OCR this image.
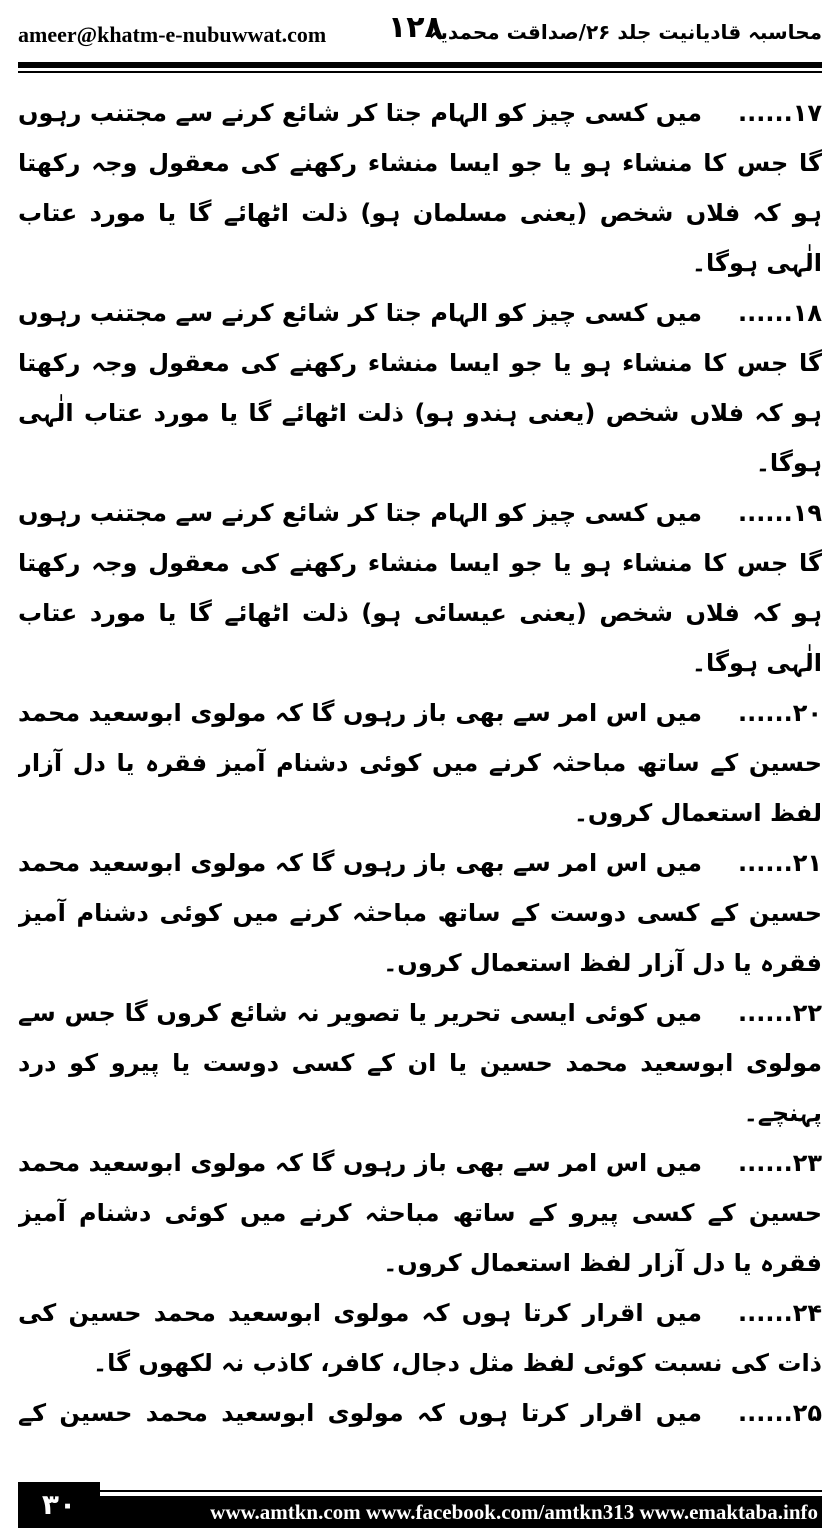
ameer@khatm-e-nubuwwat.com ۱۲۸
محاسبہ قادیانیت جلد ۲۶/صداقت محمدیہ

۱۷......میں کسی چیز کو الہام جتا کر شائع کرنے سے مجتنب رہوں گا جس کا منشاء ہو یا جو ایسا منشاء رکھنے کی معقول وجہ رکھتا ہو کہ فلاں شخص (یعنی مسلمان ہو) ذلت اٹھائے گا یا مورد عتاب الٰہی ہوگا۔

۱۸......میں کسی چیز کو الہام جتا کر شائع کرنے سے مجتنب رہوں گا جس کا منشاء ہو یا جو ایسا منشاء رکھنے کی معقول وجہ رکھتا ہو کہ فلاں شخص (یعنی ہندو ہو) ذلت اٹھائے گا یا مورد عتاب الٰہی ہوگا۔

۱۹......میں کسی چیز کو الہام جتا کر شائع کرنے سے مجتنب رہوں گا جس کا منشاء ہو یا جو ایسا منشاء رکھنے کی معقول وجہ رکھتا ہو کہ فلاں شخص (یعنی عیسائی ہو) ذلت اٹھائے گا یا مورد عتاب الٰہی ہوگا۔

۲۰......میں اس امر سے بھی باز رہوں گا کہ مولوی ابوسعید محمد حسین کے ساتھ مباحثہ کرنے میں کوئی دشنام آمیز فقرہ یا دل آزار لفظ استعمال کروں۔

۲۱......میں اس امر سے بھی باز رہوں گا کہ مولوی ابوسعید محمد حسین کے کسی دوست کے ساتھ مباحثہ کرنے میں کوئی دشنام آمیز فقرہ یا دل آزار لفظ استعمال کروں۔

۲۲......میں کوئی ایسی تحریر یا تصویر نہ شائع کروں گا جس سے مولوی ابوسعید محمد حسین یا ان کے کسی دوست یا پیرو کو درد پہنچے۔

۲۳......میں اس امر سے بھی باز رہوں گا کہ مولوی ابوسعید محمد حسین کے کسی پیرو کے ساتھ مباحثہ کرنے میں کوئی دشنام آمیز فقرہ یا دل آزار لفظ استعمال کروں۔

۲۴......میں اقرار کرتا ہوں کہ مولوی ابوسعید محمد حسین کی ذات کی نسبت کوئی لفظ مثل دجال، کافر، کاذب نہ لکھوں گا۔

۲۵......میں اقرار کرتا ہوں کہ مولوی ابوسعید محمد حسین کے

۳۰	www.amtkn.com www.facebook.com/amtkn313 www.emaktaba.info
